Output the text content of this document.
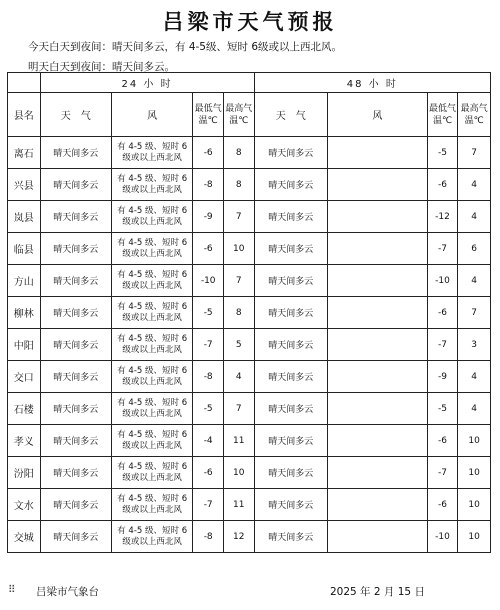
吕梁市天气预报
今天白天到夜间：晴天间多云，有 4-5级、短时 6级或以上西北风。
明天白天到夜间：晴天间多云。
	24 小 时				48 小 时			
县名	天　气	风	最低气温℃	最高气温℃	天　气	风	最低气温℃	最高气温℃
离石	晴天间多云	有 4-5 级、短时 6 级或以上西北风	-6	8	晴天间多云		-5	7
兴县	晴天间多云	有 4-5 级、短时 6 级或以上西北风	-8	8	晴天间多云		-6	4
岚县	晴天间多云	有 4-5 级、短时 6 级或以上西北风	-9	7	晴天间多云		-12	4
临县	晴天间多云	有 4-5 级、短时 6 级或以上西北风	-6	10	晴天间多云		-7	6
方山	晴天间多云	有 4-5 级、短时 6 级或以上西北风	-10	7	晴天间多云		-10	4
柳林	晴天间多云	有 4-5 级、短时 6 级或以上西北风	-5	8	晴天间多云		-6	7
中阳	晴天间多云	有 4-5 级、短时 6 级或以上西北风	-7	5	晴天间多云		-7	3
交口	晴天间多云	有 4-5 级、短时 6 级或以上西北风	-8	4	晴天间多云		-9	4
石楼	晴天间多云	有 4-5 级、短时 6 级或以上西北风	-5	7	晴天间多云		-5	4
孝义	晴天间多云	有 4-5 级、短时 6 级或以上西北风	-4	11	晴天间多云		-6	10
汾阳	晴天间多云	有 4-5 级、短时 6 级或以上西北风	-6	10	晴天间多云		-7	10
文水	晴天间多云	有 4-5 级、短时 6 级或以上西北风	-7	11	晴天间多云		-6	10
交城	晴天间多云	有 4-5 级、短时 6 级或以上西北风	-8	12	晴天间多云		-10	10
⠿ 吕梁市气象台	2025 年 2 月 15 日
